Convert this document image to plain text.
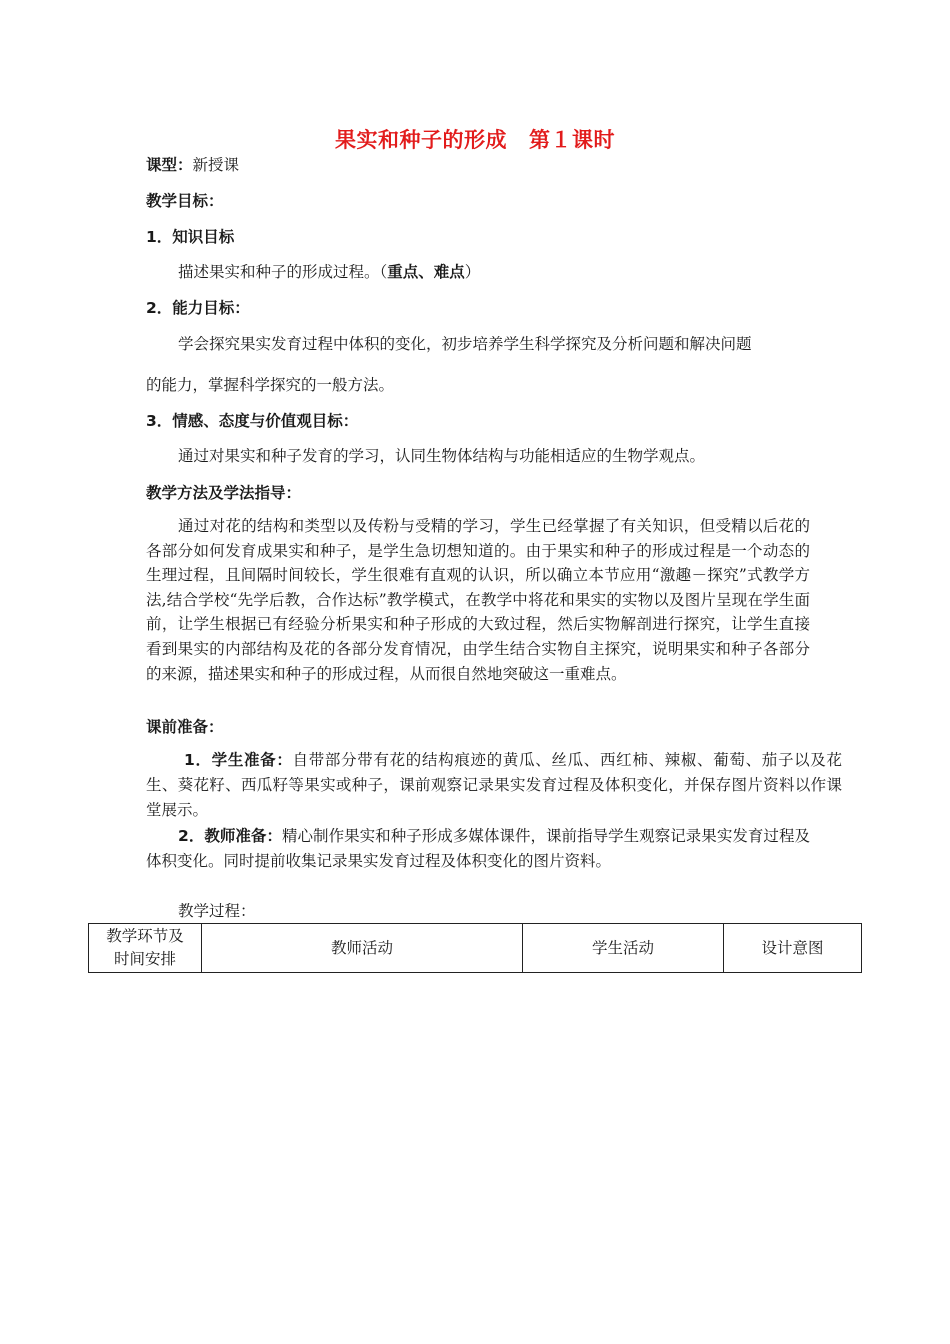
果实和种子的形成 第１课时
课型：新授课
教学目标：
1．知识目标
描述果实和种子的形成过程。（重点、难点）
2．能力目标：
学会探究果实发育过程中体积的变化，初步培养学生科学探究及分析问题和解决问题
的能力，掌握科学探究的一般方法。
3．情感、态度与价值观目标：
通过对果实和种子发育的学习，认同生物体结构与功能相适应的生物学观点。
教学方法及学法指导：
通过对花的结构和类型以及传粉与受精的学习，学生已经掌握了有关知识，但受精以后花的各部分如何发育成果实和种子，是学生急切想知道的。由于果实和种子的形成过程是一个动态的生理过程，且间隔时间较长，学生很难有直观的认识，所以确立本节应用“激趣－探究”式教学方法,结合学校“先学后教，合作达标”教学模式，在教学中将花和果实的实物以及图片呈现在学生面前，让学生根据已有经验分析果实和种子形成的大致过程，然后实物解剖进行探究，让学生直接看到果实的内部结构及花的各部分发育情况，由学生结合实物自主探究，说明果实和种子各部分的来源，描述果实和种子的形成过程，从而很自然地突破这一重难点。
课前准备：
1．学生准备：自带部分带有花的结构痕迹的黄瓜、丝瓜、西红柿、辣椒、葡萄、茄子以及花生、葵花籽、西瓜籽等果实或种子，课前观察记录果实发育过程及体积变化，并保存图片资料以作课堂展示。
2．教师准备：精心制作果实和种子形成多媒体课件，课前指导学生观察记录果实发育过程及体积变化。同时提前收集记录果实发育过程及体积变化的图片资料。
教学过程：
教学环节及
时间安排	教师活动	学生活动	设计意图
